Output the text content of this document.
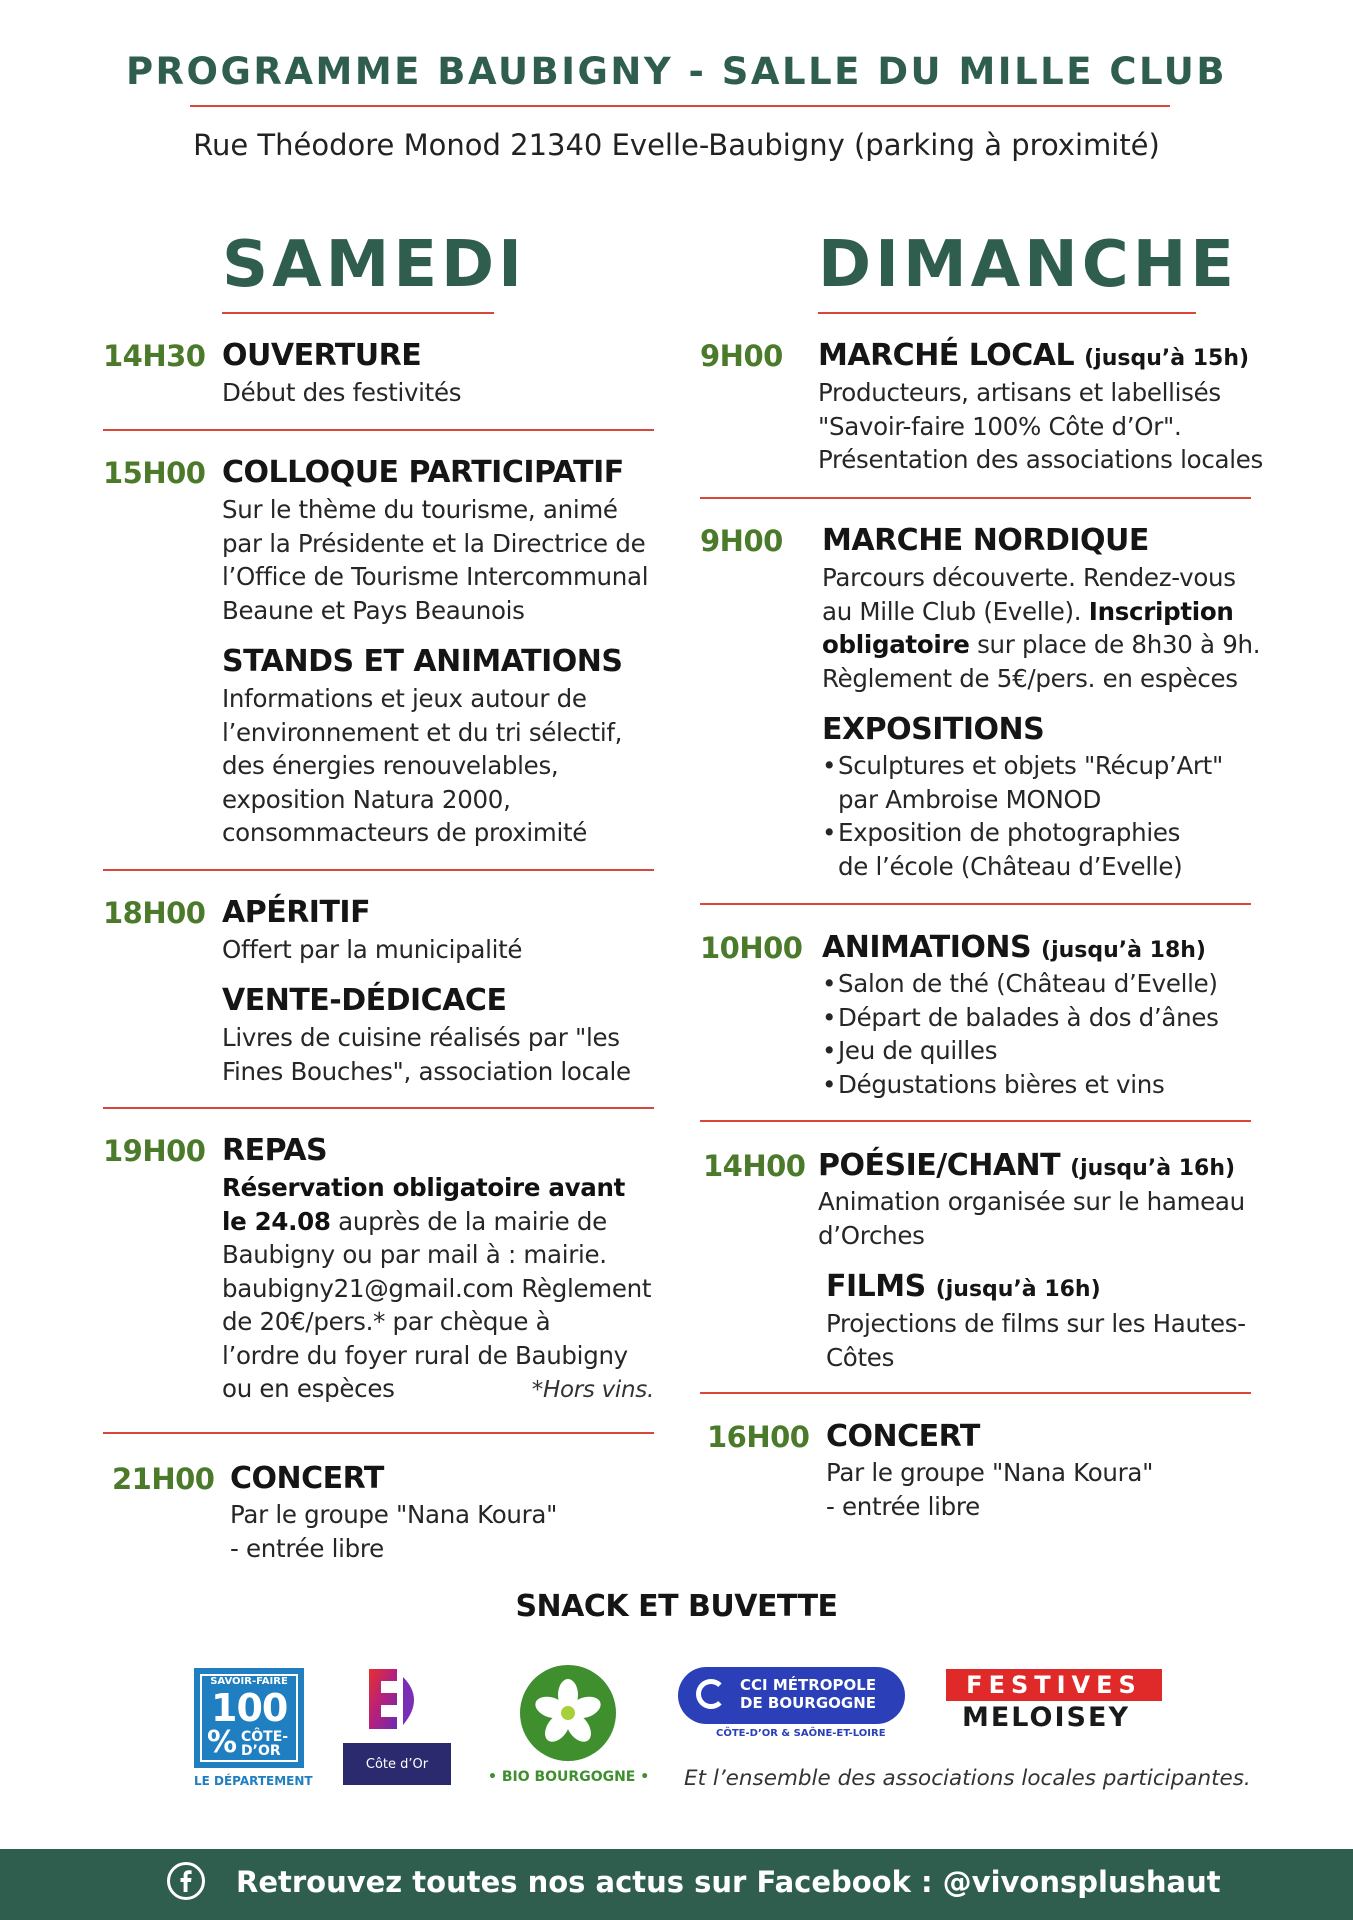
PROGRAMME BAUBIGNY - SALLE DU MILLE CLUB
Rue Théodore Monod 21340 Evelle-Baubigny (parking à proximité)
SAMEDI
14H30 OUVERTURE
Début des festivités
15H00 COLLOQUE PARTICIPATIF
Sur le thème du tourisme, animé
par la Présidente et la Directrice de
l’Office de Tourisme Intercommunal
Beaune et Pays Beaunois
STANDS ET ANIMATIONS
Informations et jeux autour de
l’environnement et du tri sélectif,
des énergies renouvelables,
exposition Natura 2000,
consommacteurs de proximité
18H00 APÉRITIF
Offert par la municipalité
VENTE-DÉDICACE
Livres de cuisine réalisés par "les
Fines Bouches", association locale
19H00 REPAS
Réservation obligatoire avant
le 24.08 auprès de la mairie de
Baubigny ou par mail à : mairie.
baubigny21@gmail.com Règlement
de 20€/pers.* par chèque à
l’ordre du foyer rural de Baubigny
ou en espèces	*Hors vins.
21H00 CONCERT
Par le groupe "Nana Koura"
- entrée libre
DIMANCHE
9H00 MARCHÉ LOCAL (jusqu’à 15h)
Producteurs, artisans et labellisés
"Savoir-faire 100% Côte d’Or".
Présentation des associations locales
9H00 MARCHE NORDIQUE
Parcours découverte. Rendez-vous
au Mille Club (Evelle). Inscription
obligatoire sur place de 8h30 à 9h.
Règlement de 5€/pers. en espèces
EXPOSITIONS
• Sculptures et objets "Récup’Art"
par Ambroise MONOD
• Exposition de photographies
de l’école (Château d’Evelle)
10H00 ANIMATIONS (jusqu’à 18h)
• Salon de thé (Château d’Evelle)
• Départ de balades à dos d’ânes
• Jeu de quilles
• Dégustations bières et vins
14H00 POÉSIE/CHANT (jusqu’à 16h)
Animation organisée sur le hameau
d’Orches
FILMS (jusqu’à 16h)
Projections de films sur les Hautes-
Côtes
16H00 CONCERT
Par le groupe "Nana Koura"
- entrée libre
SNACK ET BUVETTE
SAVOIR-FAIRE
100
% CÔTE-
D’OR
LE DÉPARTEMENT
Côte d’Or
• BIO BOURGOGNE •
CCI MÉTROPOLE
DE BOURGOGNE
CÔTE-D’OR & SAÔNE-ET-LOIRE
FESTIVES
MELOISEY
Et l’ensemble des associations locales participantes.
Retrouvez toutes nos actus sur Facebook : @vivonsplushaut
